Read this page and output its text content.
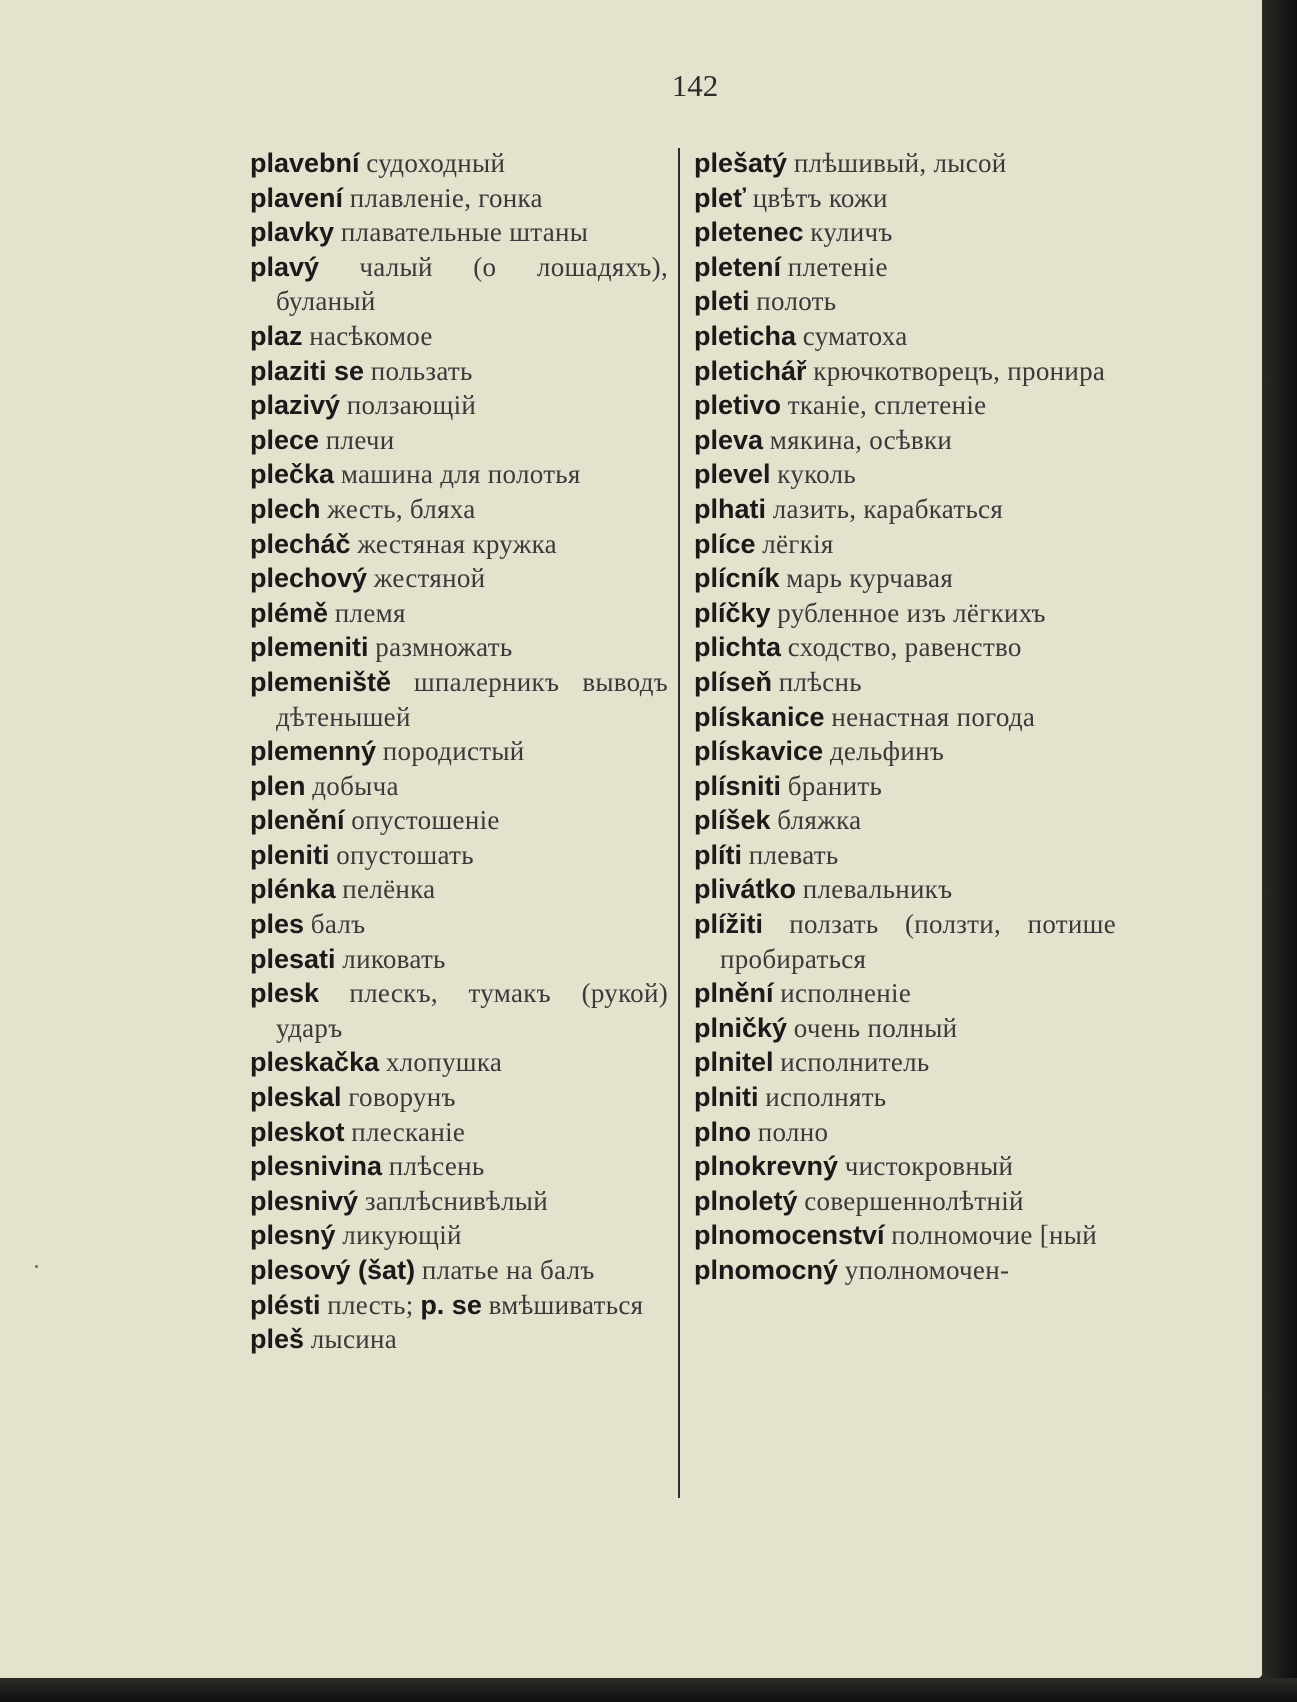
142
plavební судоходный
plavení плавленіе, гонка
plavky плавательные штаны
plavý чалый (о лошадяхъ), буланый
plaz насѣкомое
plaziti se пользать
plazivý ползающій
plece плечи
plečka машина для полотья
plech жесть, бляха
plecháč жестяная кружка
plechový жестяной
plémě племя
plemeniti размножать
plemeniště шпалерникъ выводъ дѣтенышей
plemenný породистый
plen добыча
plenění опустошеніе
pleniti опустошать
plénka пелёнка
ples балъ
plesati ликовать
plesk плескъ, тумакъ (рукой) ударъ
pleskačka хлопушка
pleskal говорунъ
pleskot плесканіе
plesnivina плѣсень
plesnivý заплѣснивѣлый
plesný ликующій
plesový (šat) платье на балъ
plésti плесть; p. se вмѣшиваться
pleš лысина
plešatý плѣшивый, лысой
pleť цвѣтъ кожи
pletenec куличъ
pletení плетеніе
pleti полоть
pleticha суматоха
pletichář крючкотворецъ, пронира
pletivo тканіе, сплетеніе
pleva мякина, осѣвки
plevel куколь
plhati лазить, карабкаться
plíce лёгкія
plícník марь курчавая
plíčky рубленное изъ лёгкихъ
plichta сходство, равенство
plíseň плѣснь
plískanice ненастная погода
plískavice дельфинъ
plísniti бранить
plíšek бляжка
plíti плевать
plivátko плевальникъ
plížiti ползать (ползти, потише пробираться
plnění исполненіе
plničký очень полный
plnitel исполнитель
plniti исполнять
plno полно
plnokrevný чистокровный
plnoletý совершеннолѣтній
plnomocenství полномочие [ный
plnomocný уполномочен-
